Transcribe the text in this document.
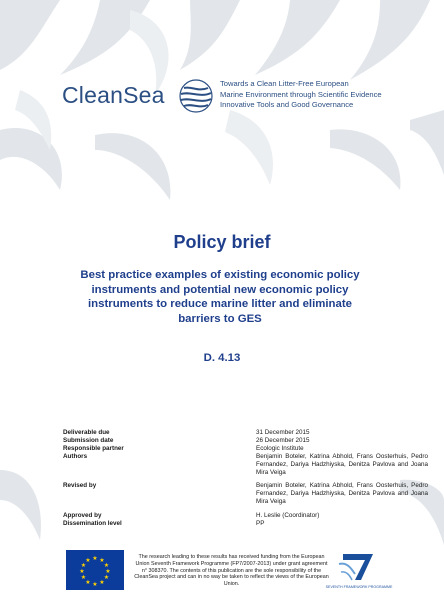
CleanSea	Towards a Clean Litter-Free European
Marine Environment through Scientific Evidence
Innovative Tools and Good Governance
Policy brief
Best practice examples of existing economic policy
instruments and potential new economic policy
instruments to reduce marine litter and eliminate
barriers to GES
D. 4.13
Deliverable due	31 December 2015
Submission date	26 December 2015
Responsible partner	Ecologic Institute
Authors	Benjamin Boteler, Katrina Abhold, Frans Oosterhuis, Pedro Fernandez, Dariya Hadzhiyska, Denitza Pavlova and Joana Mira Veiga
Revised by	Benjamin Boteler, Katrina Abhold, Frans Oosterhuis, Pedro Fernandez, Dariya Hadzhiyska, Denitza Pavlova and Joana Mira Veiga
Approved by	H. Leslie (Coordinator)
Dissemination level	PP
★ ★
★
★
★
★
★
★
★
★
★
★	The research leading to these results has received funding from the European Union Seventh Framework Programme (FP7/2007-2013) under grant agreement n° 308370. The contents of this publication are the sole responsibility of the CleanSea project and can in no way be taken to reflect the views of the European Union.	SEVENTH FRAMEWORK PROGRAMME
